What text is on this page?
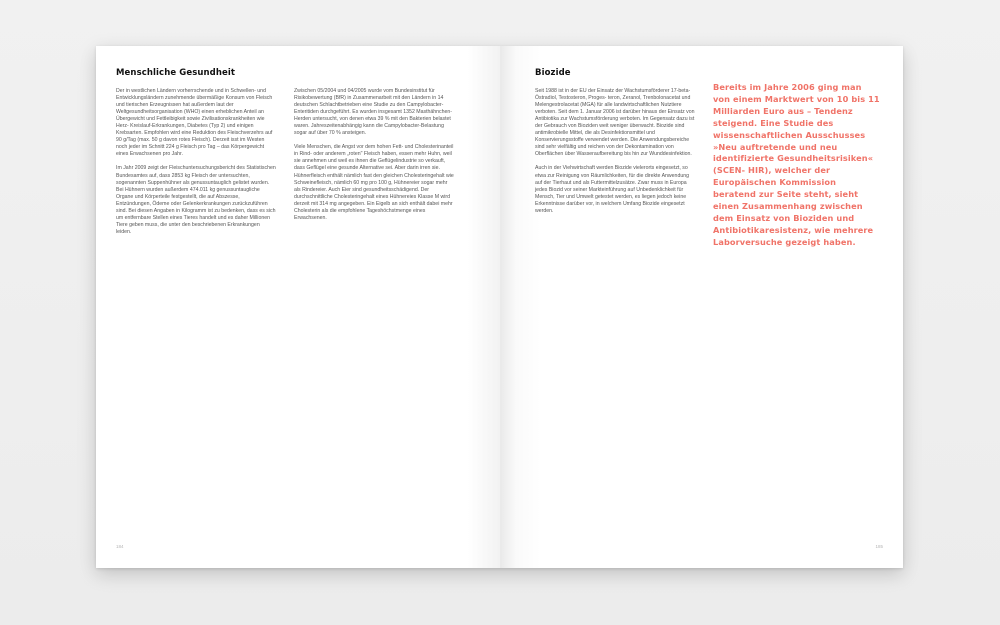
Menschliche Gesundheit

Der in westlichen Ländern vorherrschende und in Schwellen- und Entwicklungsländern zunehmende übermäßige Konsum von Fleisch und tierischen Erzeugnissen hat außerdem laut der Weltgesundheitsorganisation (WHO) einen erheblichen Anteil an Übergewicht und Fettleibigkeit sowie Zivilisationskrankheiten wie Herz- Kreislauf-Erkrankungen, Diabetes (Typ 2) und einigen Krebsarten. Empfohlen wird eine Reduktion des Fleischverzehrs auf 90 g/Tag (max. 50 g davon rotes Fleisch). Derzeit isst im Westen noch jeder im Schnitt 224 g Fleisch pro Tag – das Körpergewicht eines Erwachsenen pro Jahr.

Im Jahr 2009 zeigt der Fleischuntersuchungsbericht des Statistischen Bundesamtes auf, dass 2853 kg Fleisch der untersuchten, sogenannten Suppenhühner als genussuntauglich gelistet wurden. Bei Hühnern wurden außerdem 474.011 kg genussuntaugliche Organe und Körperteile festgestellt, die auf Abszesse, Entzündungen, Ödeme oder Gelenkerkrankungen zurückzuführen sind. Bei diesen Angaben in Kilogramm ist zu bedenken, dass es sich um entfernbare Stellen eines Tieres handelt und es daher Millionen Tiere geben muss, die unter den beschriebenen Erkrankungen leiden.

Zwischen 05/2004 und 04/2005 wurde vom Bundesinstitut für Risikobewertung (BfR) in Zusammenarbeit mit den Ländern in 14 deutschen Schlachtbetrieben eine Studie zu den Campylobacter-Enteritiden durchgeführt. Es wurden insgesamt 1352 Masthähnchen-Herden untersucht, von denen etwa 39 % mit den Bakterien belastet waren. Jahreszeitenabhängig kann die Campylobacter-Belastung sogar auf über 70 % ansteigen.

Viele Menschen, die Angst vor dem hohen Fett- und Cholesterinanteil in Rind- oder anderem „roten" Fleisch haben, essen mehr Huhn, weil sie annehmen und weil es ihnen die Geflügelindustrie so verkauft, dass Geflügel eine gesunde Alternative sei. Aber darin irren sie. Hühnerfleisch enthält nämlich fast den gleichen Cholesteringehalt wie Schweinefleisch, nämlich 60 mg pro 100 g, Hühnereier sogar mehr als Rindereier. Auch Eier sind gesundheitsschädigend. Der durchschnittliche Cholesteringehalt eines Hühnereies Klasse M wird derzeit mit 314 mg angegeben. Ein Eigelb an sich enthält dabei mehr Cholesterin als die empfohlene Tageshöchstmenge eines Erwachsenen.

184
Biozide

Seit 1988 ist in der EU der Einsatz der Wachstumsförderer 17-beta-Östradiol, Testosteron, Proges- teron, Zeranol, Trenbolonacetat und Melengestrolacetat (MGA) für alle landwirtschaftlichen Nutztiere verboten. Seit dem 1. Januar 2006 ist darüber hinaus der Einsatz von Antibiotika zur Wachstumsförderung verboten. Im Gegensatz dazu ist der Gebrauch von Bioziden weit weniger überwacht. Biozide sind antimikrobielle Mittel, die als Desinfektionsmittel und Konservierungsstoffe verwendet werden. Die Anwendungsbereiche sind sehr vielfältig und reichen von der Dekontamination von Oberflächen über Wasseraufbereitung bis hin zur Wunddesinfektion.

Auch in der Viehwirtschaft werden Biozide vielerorts eingesetzt, so etwa zur Reinigung von Räumlichkeiten, für die direkte Anwendung auf der Tierhaut und als Futtermittelzusätze. Zwar muss in Europa jedes Biozid vor seiner Markteinführung auf Unbedenklichkeit für Mensch, Tier und Umwelt getestet werden, es liegen jedoch keine Erkenntnisse darüber vor, in welchem Umfang Biozide eingesetzt werden.

Bereits im Jahre 2006 ging man von einem Marktwert von 10 bis 11 Milliarden Euro aus – Tendenz steigend. Eine Studie des wissenschaftlichen Ausschusses »Neu auftretende und neu identifizierte Gesundheitsrisiken« (SCEN- HIR), welcher der Europäischen Kommission beratend zur Seite steht, sieht einen Zusammenhang zwischen dem Einsatz von Bioziden und Antibiotikaresistenz, wie mehrere Laborversuche gezeigt haben.
185
